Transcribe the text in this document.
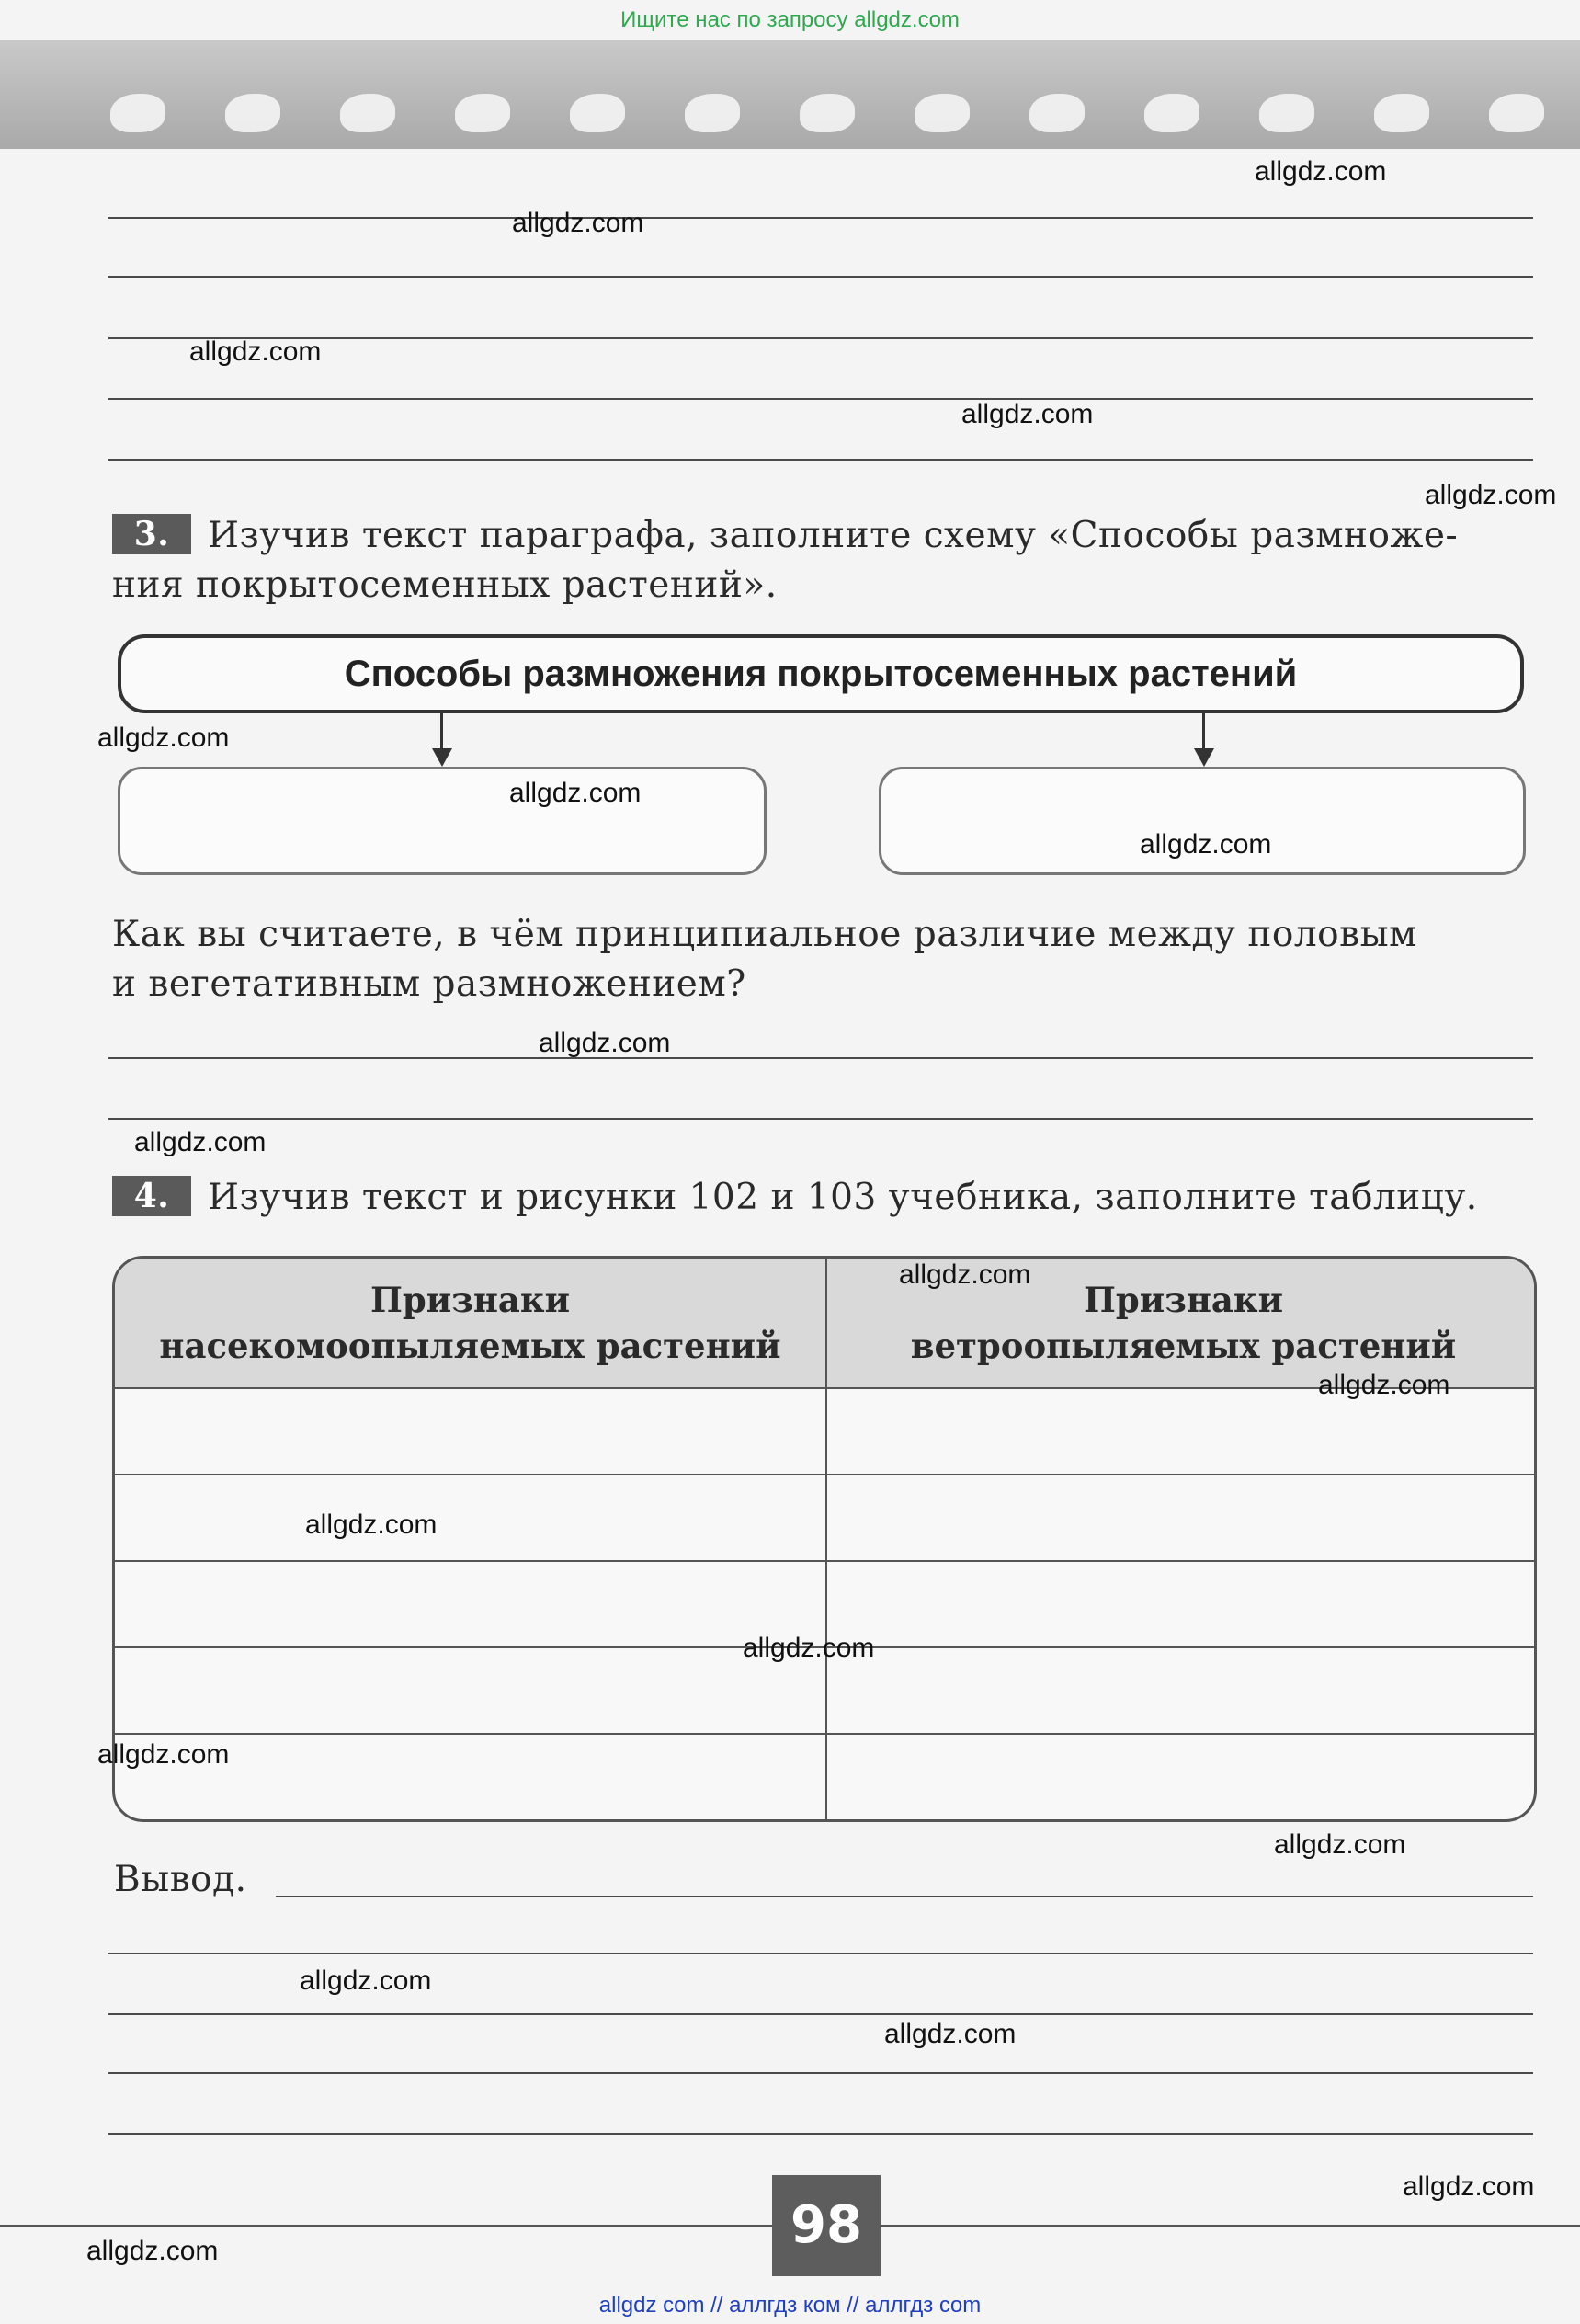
Ищите нас по запросу allgdz.com
3. Изучив текст параграфа, заполните схему «Способы размноже-
ния покрытосеменных растений».
Способы размножения покрытосеменных растений
Как вы считаете, в чём принципиальное различие между половым
и вегетативным размножением?
4. Изучив текст и рисунки 102 и 103 учебника, заполните таблицу.
Признаки
насекомоопыляемых растений
Признаки
ветроопыляемых растений
Вывод.
98
allgdz.com
allgdz.com
allgdz.com
allgdz.com
allgdz.com
allgdz.com
allgdz.com
allgdz.com
allgdz.com
allgdz.com
allgdz.com
allgdz.com
allgdz.com
allgdz.com
allgdz.com
allgdz.com
allgdz.com
allgdz.com
allgdz.com
allgdz.com
allgdz com // аллгдз ком // аллгдз com
